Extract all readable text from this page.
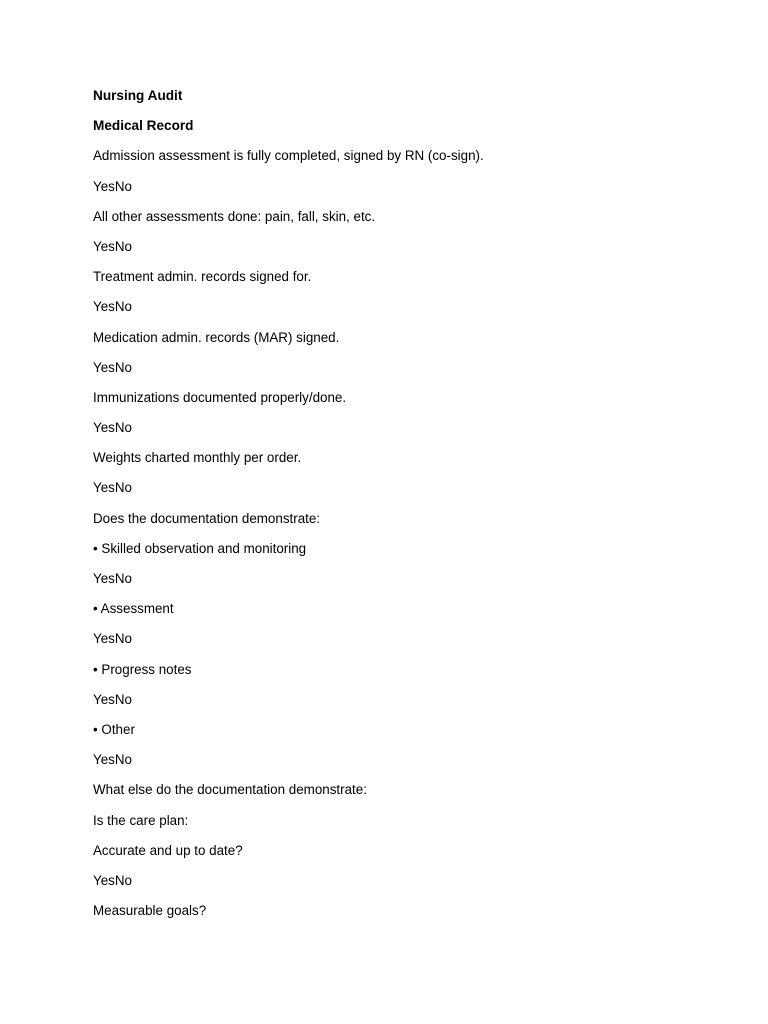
Nursing Audit
Medical Record
Admission assessment is fully completed, signed by RN (co-sign).
YesNo
All other assessments done: pain, fall, skin, etc.
YesNo
Treatment admin. records signed for.
YesNo
Medication admin. records (MAR) signed.
YesNo
Immunizations documented properly/done.
YesNo
Weights charted monthly per order.
YesNo
Does the documentation demonstrate:
• Skilled observation and monitoring
YesNo
• Assessment
YesNo
• Progress notes
YesNo
• Other
YesNo
What else do the documentation demonstrate:
Is the care plan:
Accurate and up to date?
YesNo
Measurable goals?
